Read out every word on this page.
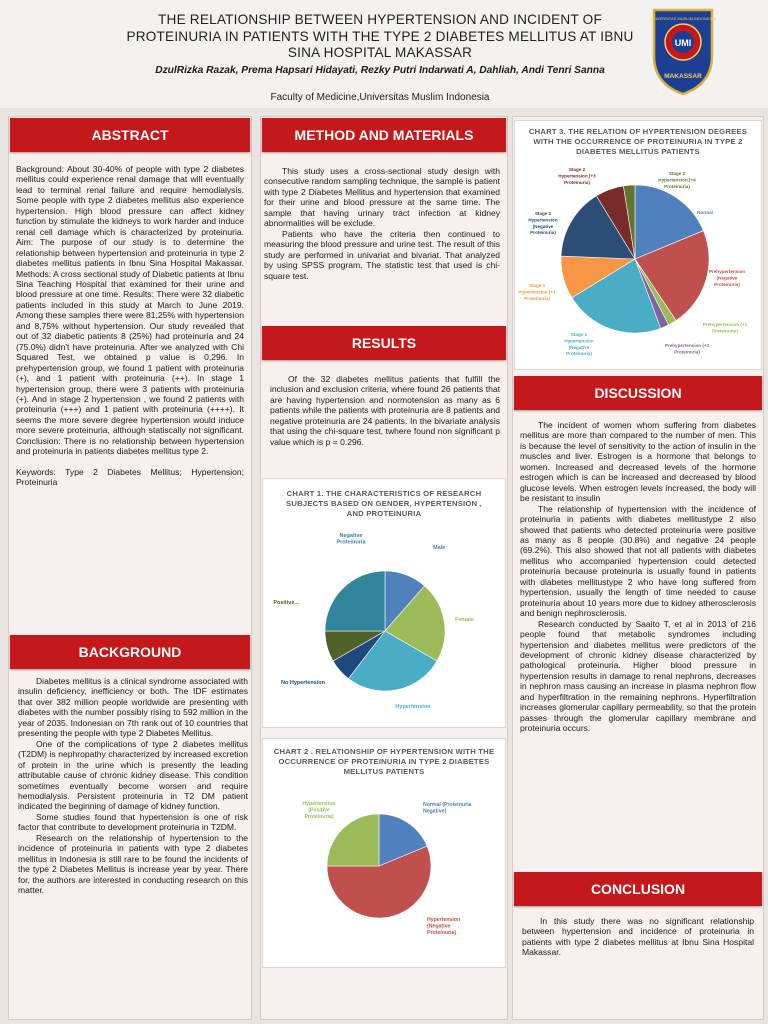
THE RELATIONSHIP BETWEEN HYPERTENSION AND INCIDENT OF PROTEINURIA IN PATIENTS WITH THE TYPE 2 DIABETES MELLITUS AT IBNU SINA HOSPITAL MAKASSAR
DzulRizka Razak, Prema Hapsari Hidayati, Rezky Putri Indarwati A, Dahliah, Andi Tenri Sanna
Faculty of Medicine,Universitas Muslim Indonesia
UNIVERSITAS MUSLIM INDONESIA
UMI
MAKASSAR
ABSTRACT

Background: About 30-40% of people with type 2 diabetes mellitus could experience renal damage that will eventually lead to terminal renal failure and require hemodialysis. Some people with type 2 diabetes mellitus also experience hypertension. High blood pressure can affect kidney function by stimulate the kidneys to work harder and induce renal cell damage which is characterized by proteinuria. Aim: The purpose of our study is to determine the relationship between hypertension and proteinuria in type 2 diabetes mellitus patients in Ibnu Sina Hospital Makassar. Methods: A cross sectional study of Diabetic patients at Ibnu Sina Teaching Hospital that examined for their urine and blood pressure at one time. Results: There were 32 diabetic patients included in this study at March to June 2019. Among these samples there were 81,25% with hypertension and 8,75% without hypertension. Our study revealed that out of 32 diabetic patients 8 (25%) had proteinuria and 24 (75.0%) didn't have proteinuria. After we analyzed with Chi Squared Test, we obtained p value is 0,296. In prehypertension group, we found 1 patient with proteinuria (+), and 1 patient with proteinuria (++). In stage 1 hypertension group, there were 3 patients with proteinuria (+). And in stage 2 hypertension , we found 2 patients with proteinuria (+++) and 1 patient with proteinuria (++++). It seems the more severe degree hypertension would induce more severe proteinuria, although statiscally not significant. Conclusion: There is no relationship between hypertension and proteinuria in patients diabetes mellitus type 2.

Keywords: Type 2 Diabetes Mellitus; Hypertension; Proteinuria

BACKGROUND

Diabetes mellitus is a clinical syndrome associated with insulin deficiency, inefficiency or both. The IDF estimates that over 382 million people worldwide are presenting with diabetes with the number possibly rising to 592 million in the year of 2035. Indonesian on 7th rank out of 10 countries that presenting the people with type 2 Diabetes Mellitus.

One of the complications of type 2 diabetes mellitus (T2DM) is nephropathy characterized by increased excretion of protein in the urine which is presently the leading attributable cause of chronic kidney disease. This condition sometimes eventually become worsen and require hemodialysis. Persistent proteinuria in T2 DM patient indicated the beginning of damage of kidney function.

Some studies found that hypertension is one of risk factor that contribute to development proteinuria in T2DM.

Research on the relationship of hypertension to the incidence of proteinuria in patients with type 2 diabetes mellitus in Indonesia is still rare to be found the incidents of the type 2 Diabetes Mellitus is increase year by year. There for, the authors are interested in conducting research on this matter.

METHOD AND MATERIALS

This study uses a cross-sectional study design with consecutive random sampling technique, the sample is patient with type 2 Diabetes Mellitus and hypertension that examined for their urine and blood pressure at the same time. The sample that having urinary tract infection at kidney abnormalities will be exclude.

Patients who have the criteria then continued to measuring the blood pressure and urine test. The result of this study are performed in univariat and bivariat. That analyzed by using SPSS program. The statistic test that used is chi-square test.

RESULTS

Of the 32 diabetes mellitus patients that fulfill the inclusion and exclusion criteria, where found 26 patients that are having hypertension and normotension as many as 6 patients while the patients with proteinuria are 8 patients and negative proteinuria are 24 patients. In the bivariate analysis that using the chi-square test, twhere found non significant p value which is p = 0.296.

CHART 1. THE CHARACTERISTICS OF RESEARCH SUBJECTS BASED ON GENDER, HYPERTENSION , AND PROTEINURIA
Male
Female
Hypertension
No Hypertension
Positive...
Negative Proteinuria
CHART 2 . RELATIONSHIP OF HYPERTENSION WITH THE OCCURRENCE OF PROTEINURIA IN TYPE 2 DIABETES MELLITUS PATIENTS
Normal (Proteinuria Negative)
Hypertension (Negative Proteinuria)
Hypertension (Positive Proteinuria)
CHART 3. THE RELATION OF HYPERTENSION DEGREES WITH THE OCCURRENCE OF PROTEINURIA IN TYPE 2 DIABETES MELLITUS PATIENTS
Normal
Prehypertension (Negative Proteinuria)
Prehypertension (+1 Proteinuria)
Prehypertension (+2 Proteinuria)
Stage 1 Hypertension (Negative Proteinuria)
Stage 1 Hypertension (+1 Proteinuria)
Stage 2 Hypertension (Negative Proteinuria)
Stage 2 Hypertension (+3 Proteinuria)
Stage 2 Hypertension (+4 Proteinuria)
DISCUSSION

The incident of women whom suffering from diabetes mellitus are more than compared to the number of men. This is because the level of sensitivity to the action of insulin in the muscles and liver. Estrogen is a hormone that belongs to women. Increased and decreased levels of the hormone estrogen which is can be increased and decreased by blood glucose levels. When estrogen levels increased, the body will be resistant to insulin

The relationship of hypertension with the incidence of proteinuria in patients with diabetes mellitustype 2 also showed that patients who detected proteinuria were positive as many as 8 people (30.8%) and negative 24 people (69.2%). This also showed that not all patients with diabetes mellitus who accompanied hypertension could detected proteinuria because proteinuria is usually found in patients with diabetes mellitustype 2 who have long suffered from hypertension, usually the length of time needed to cause proteinuria about 10 years more due to kidney atherosclerosis and benign nephrosclerosis.

Research conducted by Saaito T, et al in 2013 of 216 people found that metabolic syndromes including hypertension and diabetes mellitus were predictors of the development of chronic kidney disease characterized by pathological proteinuria. Higher blood pressure in hypertension results in damage to renal nephrons, decreases in nephron mass causing an increase in plasma nephron flow and hyperfiltration in the remaining nephrons. Hyperfiltration increases glomerular capillary permeability, so that the protein passes through the glomerular capillary membrane and proteinuria occurs.

CONCLUSION

In this study there was no significant relationship between hypertension and incidence of proteinuria in patients with type 2 diabetes mellitus at Ibnu Sina Hospital Makassar.
